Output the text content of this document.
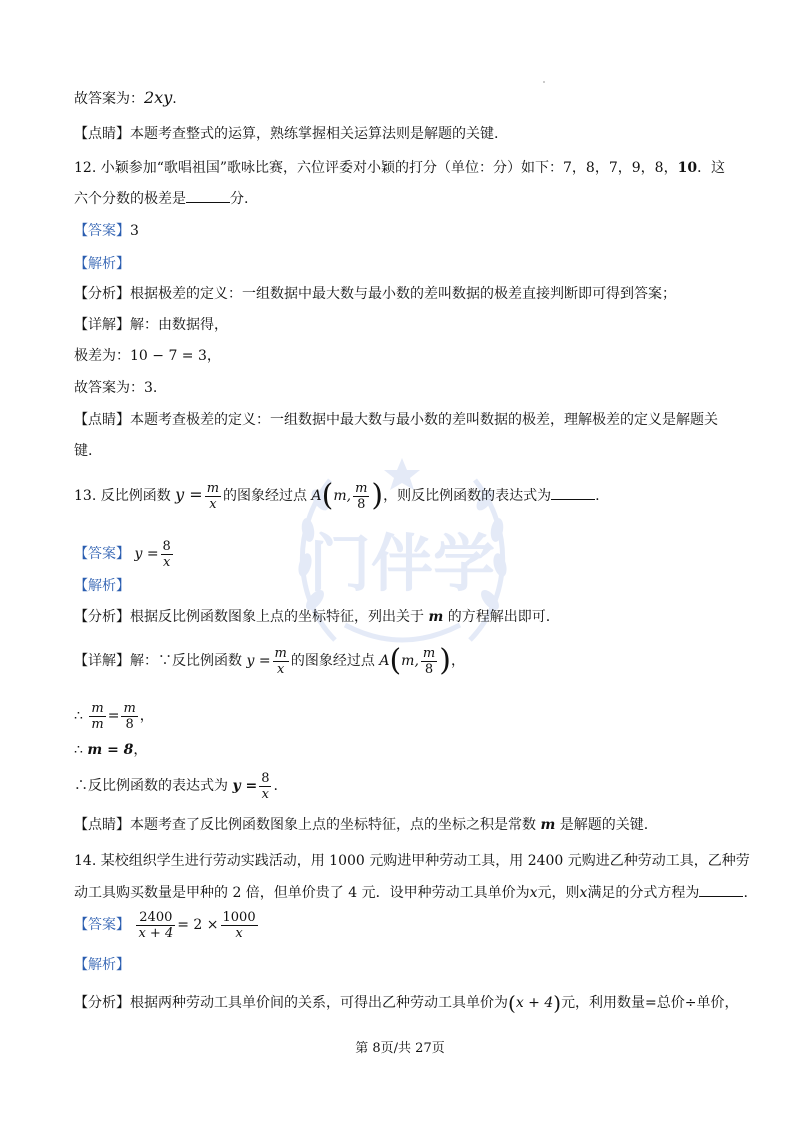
门伴学
故答案为：2xy.
【点睛】本题考查整式的运算，熟练掌握相关运算法则是解题的关键.
12. 小颖参加“歌唱祖国”歌咏比赛，六位评委对小颖的打分（单位：分）如下：7，8，7，9，8，10．这
六个分数的极差是	分.
【答案】3
【解析】
【分析】根据极差的定义：一组数据中最大数与最小数的差叫数据的极差直接判断即可得到答案；
【详解】解：由数据得，
极差为：10 − 7 = 3，
故答案为：3.
【点睛】本题考查极差的定义：一组数据中最大数与最小数的差叫数据的极差，理解极差的定义是解题关
键.
13. 反比例函数 $y = \frac{m}{x}$ 的图象经过点 A(m, $\frac{m}{8}$ )，则反比例函数的表达式为	.
【答案】 $y = \frac{8}{x}$
【解析】
【分析】根据反比例函数图象上点的坐标特征，列出关于 m 的方程解出即可.
【详解】解：∵反比例函数 $y = \frac{m}{x}$ 的图象经过点 A(m, $\frac{m}{8}$ )，
∴ $\frac{m}{m} = \frac{m}{8}$ ，
∴ m = 8，
∴反比例函数的表达式为 $y = \frac{8}{x}$ .
【点睛】本题考查了反比例函数图象上点的坐标特征，点的坐标之积是常数 m 是解题的关键.
14. 某校组织学生进行劳动实践活动，用 1000 元购进甲种劳动工具，用 2400 元购进乙种劳动工具，乙种劳
动工具购买数量是甲种的 2 倍，但单价贵了 4 元．设甲种劳动工具单价为x元，则x满足的分式方程为	.
【答案】 $\frac{2400}{x + 4} = 2 \times \frac{1000}{x}$
【解析】
【分析】根据两种劳动工具单价间的关系，可得出乙种劳动工具单价为(x + 4)元，利用数量=总价÷单价，
第 8页/共 27页
